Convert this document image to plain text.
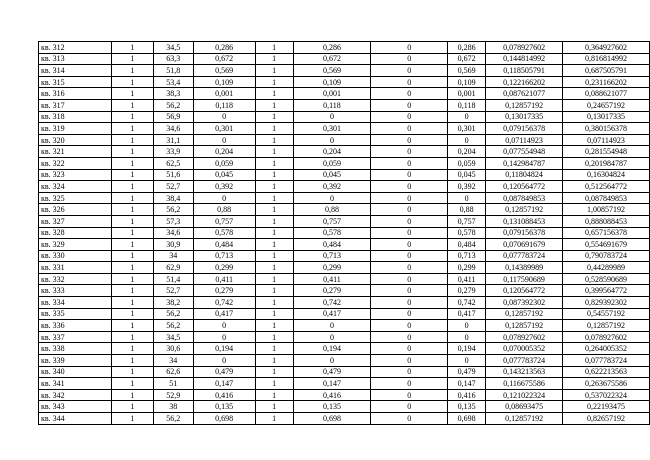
кв. 312	1	34,5	0,286	1	0,286	0	0,286	0,078927602	0,364927602
кв. 313	1	63,3	0,672	1	0,672	0	0,672	0,144814992	0,816814992
кв. 314	1	51,8	0,569	1	0,569	0	0,569	0,118505791	0,687505791
кв. 315	1	53,4	0,109	1	0,109	0	0,109	0,122166202	0,231166202
кв. 316	1	38,3	0,001	1	0,001	0	0,001	0,087621077	0,088621077
кв. 317	1	56,2	0,118	1	0,118	0	0,118	0,12857192	0,24657192
кв. 318	1	56,9	0	1	0	0	0	0,13017335	0,13017335
кв. 319	1	34,6	0,301	1	0,301	0	0,301	0,079156378	0,380156378
кв. 320	1	31,1	0	1	0	0	0	0,07114923	0,07114923
кв. 321	1	33,9	0,204	1	0,204	0	0,204	0,077554948	0,281554948
кв. 322	1	62,5	0,059	1	0,059	0	0,059	0,142984787	0,201984787
кв. 323	1	51,6	0,045	1	0,045	0	0,045	0,11804824	0,16304824
кв. 324	1	52,7	0,392	1	0,392	0	0,392	0,120564772	0,512564772
кв. 325	1	38,4	0	1	0	0	0	0,087849853	0,087849853
кв. 326	1	56,2	0,88	1	0,88	0	0,88	0,12857192	1,00857192
кв. 327	1	57,3	0,757	1	0,757	0	0,757	0,131088453	0,888088453
кв. 328	1	34,6	0,578	1	0,578	0	0,578	0,079156378	0,657156378
кв. 329	1	30,9	0,484	1	0,484	0	0,484	0,070691679	0,554691679
кв. 330	1	34	0,713	1	0,713	0	0,713	0,077783724	0,790783724
кв. 331	1	62,9	0,299	1	0,299	0	0,299	0,14389989	0,44289989
кв. 332	1	51,4	0,411	1	0,411	0	0,411	0,117590689	0,528590689
кв. 333	1	52,7	0,279	1	0,279	0	0,279	0,120564772	0,399564772
кв. 334	1	38,2	0,742	1	0,742	0	0,742	0,087392302	0,829392302
кв. 335	1	56,2	0,417	1	0,417	0	0,417	0,12857192	0,54557192
кв. 336	1	56,2	0	1	0	0	0	0,12857192	0,12857192
кв. 337	1	34,5	0	1	0	0	0	0,078927602	0,078927602
кв. 338	1	30,6	0,194	1	0,194	0	0,194	0,070005352	0,264005352
кв. 339	1	34	0	1	0	0	0	0,077783724	0,077783724
кв. 340	1	62,6	0,479	1	0,479	0	0,479	0,143213563	0,622213563
кв. 341	1	51	0,147	1	0,147	0	0,147	0,116675586	0,263675586
кв. 342	1	52,9	0,416	1	0,416	0	0,416	0,121022324	0,537022324
кв. 343	1	38	0,135	1	0,135	0	0,135	0,08693475	0,22193475
кв. 344	1	56,2	0,698	1	0,698	0	0,698	0,12857192	0,82657192
